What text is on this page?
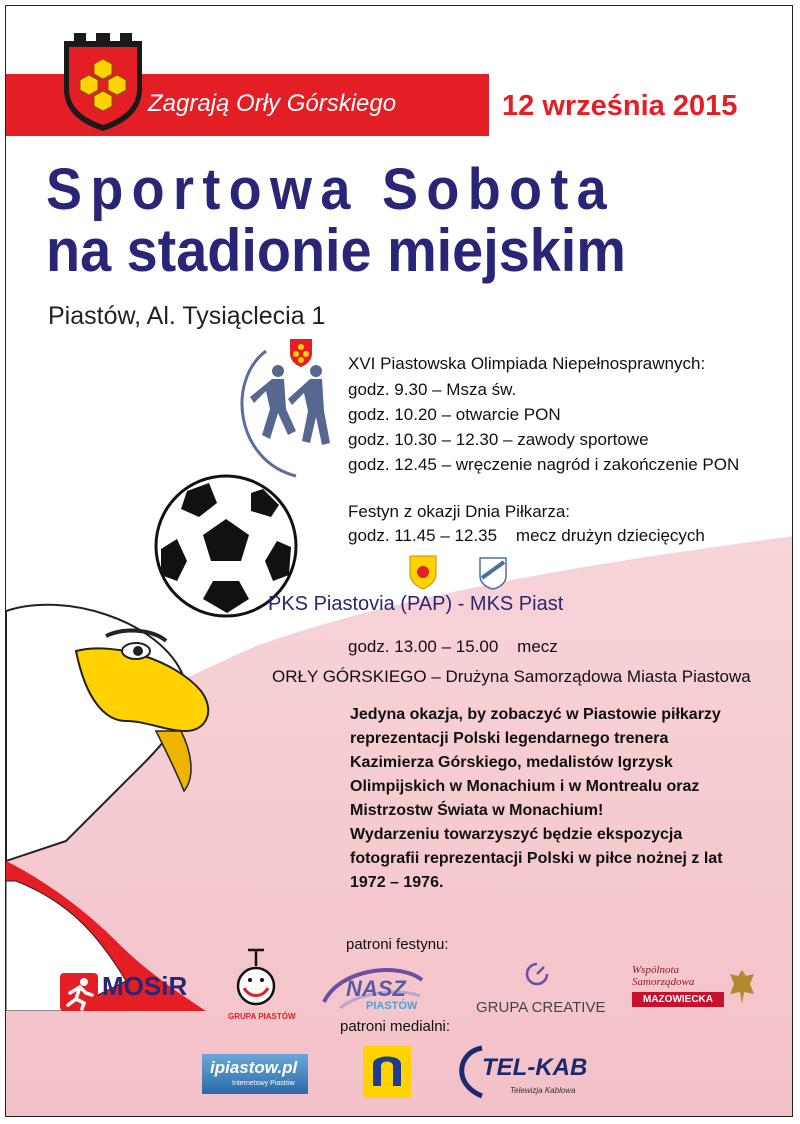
Zagrają Orły Górskiego	12 września 2015
Sportowa Sobota
na stadionie miejskim
Piastów, Al. Tysiąclecia 1
XVI Piastowska Olimpiada Niepełnosprawnych:
godz. 9.30 – Msza św.
godz. 10.20 – otwarcie PON
godz. 10.30 – 12.30 – zawody sportowe
godz. 12.45 – wręczenie nagród i zakończenie PON
Festyn z okazji Dnia Piłkarza:
godz. 11.45 – 12.35    mecz drużyn dziecięcych
PKS Piastovia (PAP) - MKS Piast
godz. 13.00 – 15.00    mecz
ORŁY GÓRSKIEGO – Drużyna Samorządowa Miasta Piastowa
Jedyna okazja, by zobaczyć w Piastowie piłkarzy
reprezentacji Polski legendarnego trenera
Kazimierza Górskiego, medalistów Igrzysk
Olimpijskich w Monachium i w Montrealu oraz
Mistrzostw Świata w Monachium!
Wydarzeniu towarzyszyć będzie ekspozycja
fotografii reprezentacji Polski w piłce nożnej z lat
1972 – 1976.
patroni festynu:
MOSiR
Piastów
GRUPA PIASTÓW
NASZ
PIASTÓW	GRUPA CREATIVE
Wspólnota
Samorządowa
MAZOWIECKA
patroni medialni:
ipiastow.pl
Internetowy Piastów
TEL-KAB
Telewizja Kablowa
